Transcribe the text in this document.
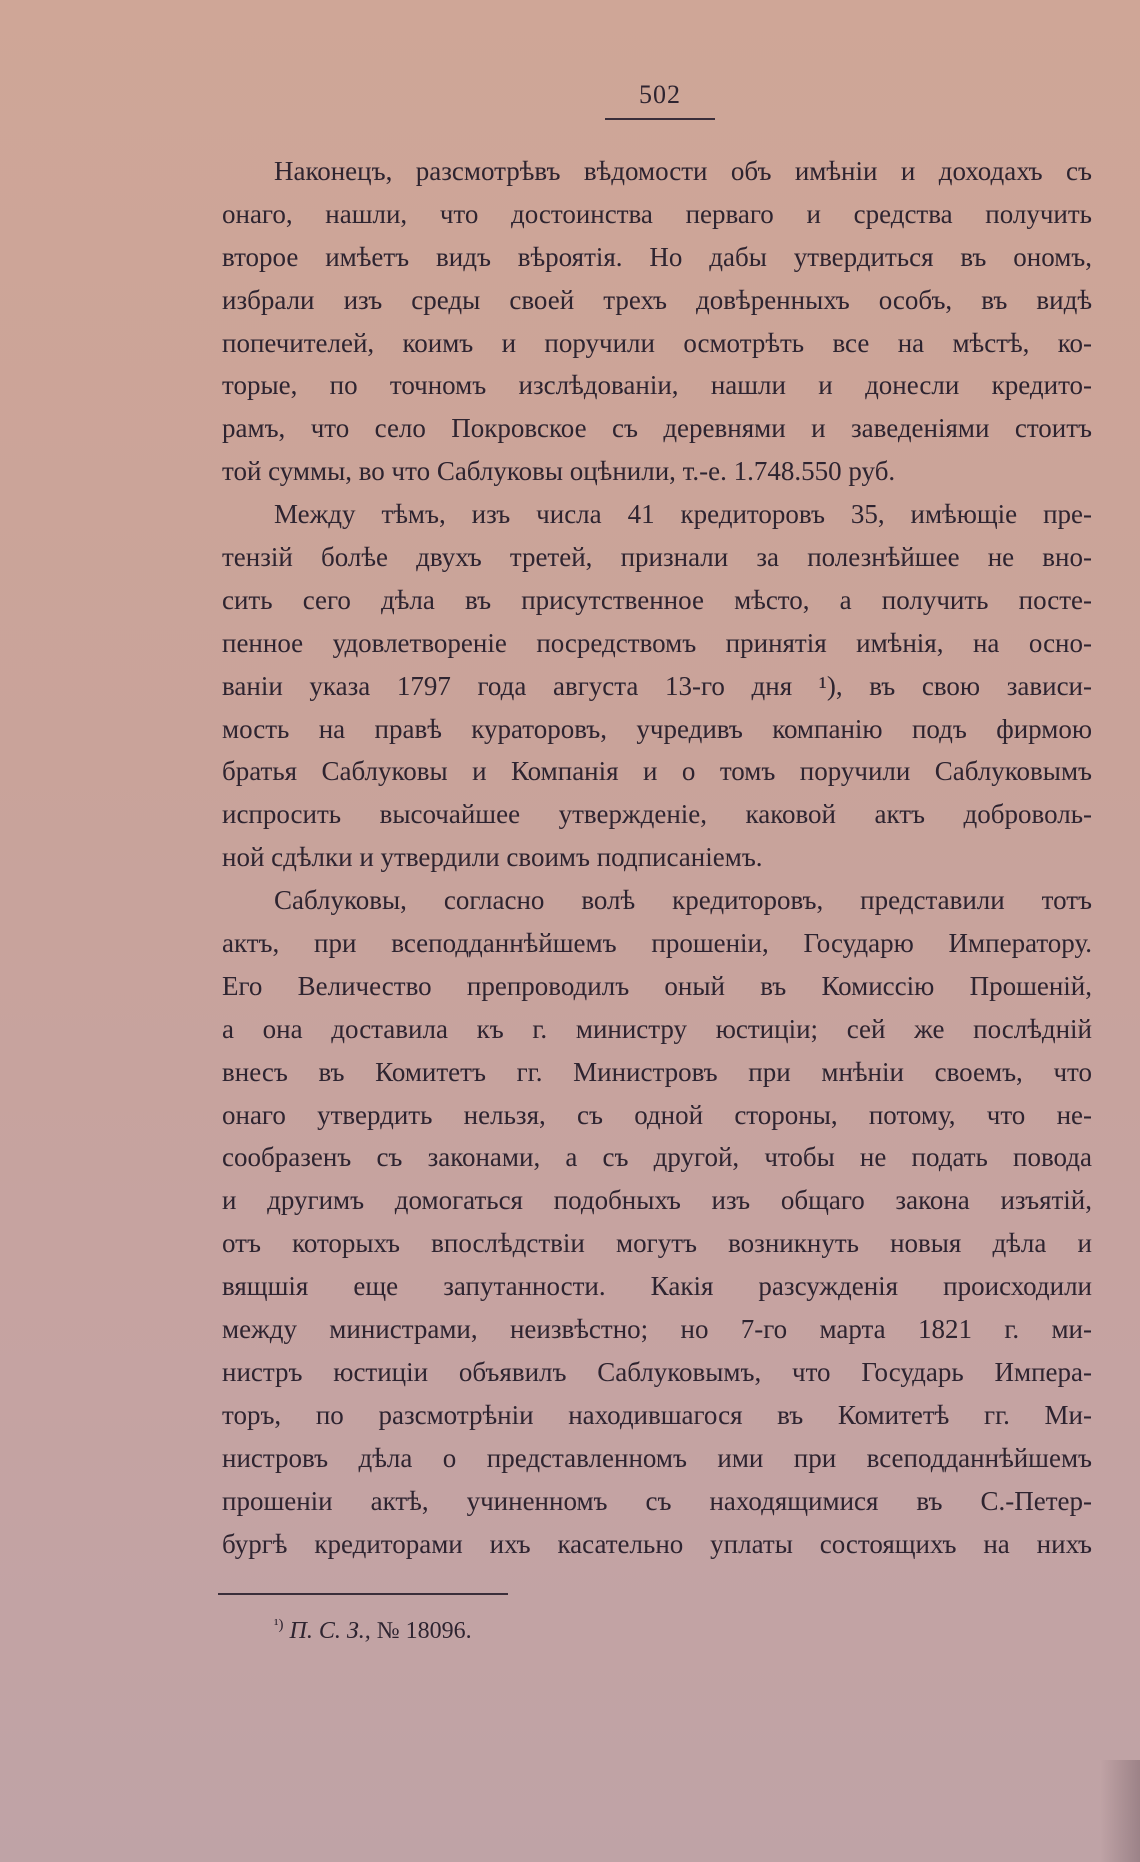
502
Наконецъ, разсмотрѣвъ вѣдомости объ имѣніи и доходахъ съ
онаго, нашли, что достоинства перваго и средства получить
второе имѣетъ видъ вѣроятія. Но дабы утвердиться въ ономъ,
избрали изъ среды своей трехъ довѣренныхъ особъ, въ видѣ
попечителей, коимъ и поручили осмотрѣть все на мѣстѣ, ко-
торые, по точномъ изслѣдованіи, нашли и донесли кредито-
рамъ, что село Покровское съ деревнями и заведеніями стоитъ
той суммы, во что Саблуковы оцѣнили, т.-е. 1.748.550 руб.
Между тѣмъ, изъ числа 41 кредиторовъ 35, имѣющіе пре-
тензій болѣе двухъ третей, признали за полезнѣйшее не вно-
сить сего дѣла въ присутственное мѣсто, а получить посте-
пенное удовлетвореніе посредствомъ принятія имѣнія, на осно-
ваніи указа 1797 года августа 13-го дня ¹), въ свою зависи-
мость на правѣ кураторовъ, учредивъ компанію подъ фирмою
братья Саблуковы и Компанія и о томъ поручили Саблуковымъ
испросить высочайшее утвержденіе, каковой актъ доброволь-
ной сдѣлки и утвердили своимъ подписаніемъ.
Саблуковы, согласно волѣ кредиторовъ, представили тотъ
актъ, при всеподданнѣйшемъ прошеніи, Государю Императору.
Его Величество препроводилъ оный въ Комиссію Прошеній,
а она доставила къ г. министру юстиціи; сей же послѣдній
внесъ въ Комитетъ гг. Министровъ при мнѣніи своемъ, что
онаго утвердить нельзя, съ одной стороны, потому, что не-
сообразенъ съ законами, а съ другой, чтобы не подать повода
и другимъ домогаться подобныхъ изъ общаго закона изъятій,
отъ которыхъ впослѣдствіи могутъ возникнуть новыя дѣла и
вящшія еще запутанности. Какія разсужденія происходили
между министрами, неизвѣстно; но 7-го марта 1821 г. ми-
нистръ юстиціи объявилъ Саблуковымъ, что Государь Импера-
торъ, по разсмотрѣніи находившагося въ Комитетѣ гг. Ми-
нистровъ дѣла о представленномъ ими при всеподданнѣйшемъ
прошеніи актѣ, учиненномъ съ находящимися въ С.-Петер-
бургѣ кредиторами ихъ касательно уплаты состоящихъ на нихъ
$^{^1)}$ П. С. З., № 18096.
